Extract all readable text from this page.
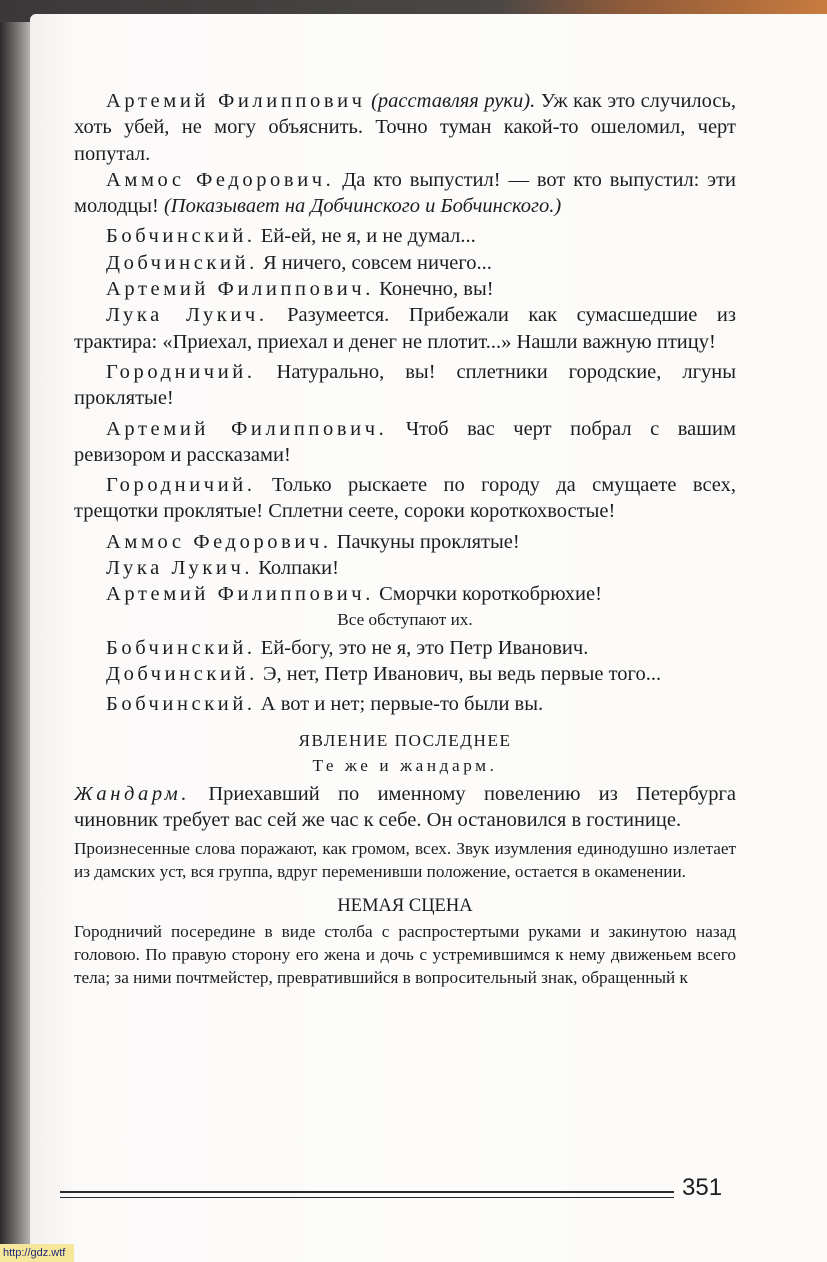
Артемий Филиппович (расставляя руки). Уж как это случилось, хоть убей, не могу объяснить. Точно туман какой-то ошеломил, черт попутал.

Аммос Федорович. Да кто выпустил! — вот кто выпустил: эти молодцы! (Показывает на Добчинского и Бобчинского.)

Бобчинский. Ей-ей, не я, и не думал...

Добчинский. Я ничего, совсем ничего...

Артемий Филиппович. Конечно, вы!

Лука Лукич. Разумеется. Прибежали как сумасшедшие из трактира: «Приехал, приехал и денег не плотит...» Нашли важную птицу!

Городничий. Натурально, вы! сплетники городские, лгуны проклятые!

Артемий Филиппович. Чтоб вас черт побрал с вашим ревизором и рассказами!

Городничий. Только рыскаете по городу да смущаете всех, трещотки проклятые! Сплетни сеете, сороки короткохвостые!

Аммос Федорович. Пачкуны проклятые!

Лука Лукич. Колпаки!

Артемий Филиппович. Сморчки короткобрюхие!

Все обступают их.

Бобчинский. Ей-богу, это не я, это Петр Иванович.

Добчинский. Э, нет, Петр Иванович, вы ведь первые того...

Бобчинский. А вот и нет; первые-то были вы.

ЯВЛЕНИЕ ПОСЛЕДНЕЕ

Те же и жандарм.

Жандарм. Приехавший по именному повелению из Петербурга чиновник требует вас сей же час к себе. Он остановился в гостинице.

Произнесенные слова поражают, как громом, всех. Звук изумления единодушно излетает из дамских уст, вся группа, вдруг переменивши положение, остается в окаменении.

НЕМАЯ СЦЕНА

Городничий посередине в виде столба с распростертыми руками и закинутою назад головою. По правую сторону его жена и дочь с устремившимся к нему движеньем всего тела; за ними почтмейстер, превратившийся в вопросительный знак, обращенный к

351
http://gdz.wtf
